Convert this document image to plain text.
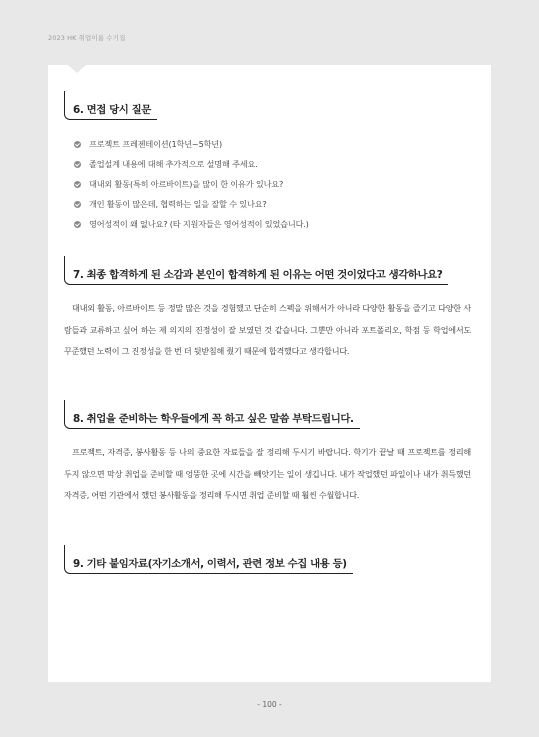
2023 HK 취업이룸 수기집
6. 면접 당시 질문
프로젝트 프레젠테이션(1학년~5학년)
졸업설계 내용에 대해 추가적으로 설명해 주세요.
대내외 활동(특히 아르바이트)을 많이 한 이유가 있나요?
개인 활동이 많은데, 협력하는 일을 잘할 수 있나요?
영어성적이 왜 없나요? (타 지원자들은 영어성적이 있었습니다.)
7. 최종 합격하게 된 소감과 본인이 합격하게 된 이유는 어떤 것이었다고 생각하나요?

대내외 활동, 아르바이트 등 정말 많은 것을 경험했고 단순히 스펙을 위해서가 아니라 다양한 활동을 즐기고 다양한 사람들과 교류하고 싶어 하는 제 의지의 진정성이 잘 보였던 것 같습니다. 그뿐만 아니라 포트폴리오, 학점 등 학업에서도 꾸준했던 노력이 그 진정성을 한 번 더 뒷받침해 줬기 때문에 합격했다고 생각합니다.

8. 취업을 준비하는 학우들에게 꼭 하고 싶은 말씀 부탁드립니다.

프로젝트, 자격증, 봉사활동 등 나의 중요한 자료들을 잘 정리해 두시기 바랍니다. 학기가 끝날 때 프로젝트를 정리해 두지 않으면 막상 취업을 준비할 때 엉뚱한 곳에 시간을 빼앗기는 일이 생깁니다. 내가 작업했던 파일이나 내가 취득했던 자격증, 어떤 기관에서 했던 봉사활동을 정리해 두시면 취업 준비할 때 훨씬 수월합니다.

9. 기타 붙임자료(자기소개서, 이력서, 관련 정보 수집 내용 등)
- 100 -
